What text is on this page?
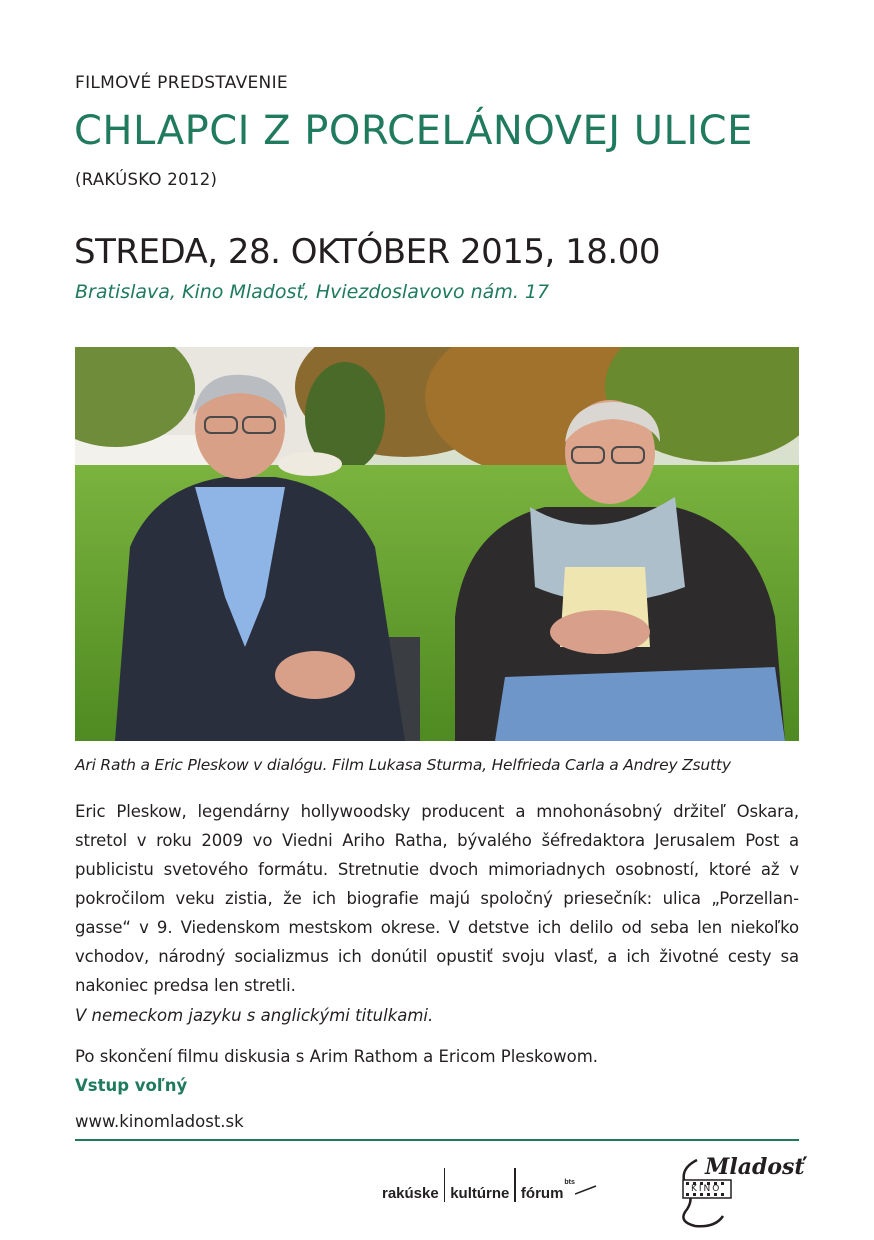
FILMOVÉ PREDSTAVENIE
CHLAPCI Z PORCELÁNOVEJ ULICE
(RAKÚSKO 2012)
STREDA, 28. OKTÓBER 2015, 18.00
Bratislava, Kino Mladosť, Hviezdoslavovo nám. 17
Ari Rath a Eric Pleskow v dialógu. Film Lukasa Sturma, Helfrieda Carla a Andrey Zsutty
Eric Pleskow, legendárny hollywoodsky producent a mnohonásobný držiteľ Oskara, stretol v roku 2009 vo Viedni Ariho Ratha, bývalého šéfredaktora Jerusalem Post a publicistu svetového formátu. Stretnutie dvoch mimoriadnych osobností, ktoré až v pokročilom veku zistia, že ich biografie majú spoločný priesečník: ulica „Porzellan-gasse“ v 9. Viedenskom mestskom okrese. V detstve ich delilo od seba len niekoľko vchodov, národný socializmus ich donútil opustiť svoju vlasť, a ich životné cesty sa nakoniec predsa len stretli.
V nemeckom jazyku s anglickými titulkami.
Po skončení filmu diskusia s Arim Rathom a Ericom Pleskowom.
Vstup voľný
www.kinomladost.sk
rakúske kultúrne fórum
$^{bts}$
Mladosť
KINO
